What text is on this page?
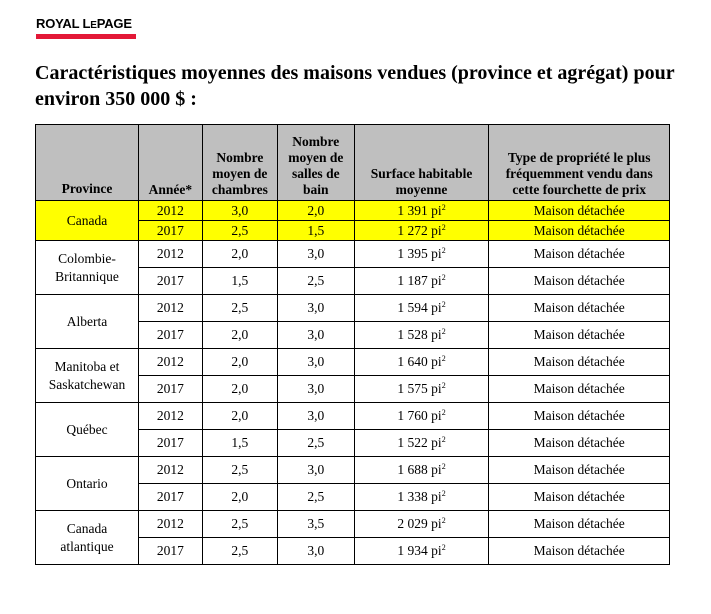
ROYAL LEPAGE
Caractéristiques moyennes des maisons vendues (province et agrégat) pour environ 350 000 $ :
Province	Année*	Nombre moyen de chambres	Nombre moyen de salles de bain	Surface habitable moyenne	Type de propriété le plus fréquemment vendu dans cette fourchette de prix
Canada	2012	3,0	2,0	1 391 $pi^2$	Maison détachée
	2017	2,5	1,5	1 272 $pi^2$	Maison détachée
Colombie-Britannique	2012	2,0	3,0	1 395 $pi^2$	Maison détachée
	2017	1,5	2,5	1 187 $pi^2$	Maison détachée
Alberta	2012	2,5	3,0	1 594 $pi^2$	Maison détachée
	2017	2,0	3,0	1 528 $pi^2$	Maison détachée
Manitoba et Saskatchewan	2012	2,0	3,0	1 640 $pi^2$	Maison détachée
	2017	2,0	3,0	1 575 $pi^2$	Maison détachée
Québec	2012	2,0	3,0	1 760 $pi^2$	Maison détachée
	2017	1,5	2,5	1 522 $pi^2$	Maison détachée
Ontario	2012	2,5	3,0	1 688 $pi^2$	Maison détachée
	2017	2,0	2,5	1 338 $pi^2$	Maison détachée
Canada atlantique	2012	2,5	3,5	2 029 $pi^2$	Maison détachée
	2017	2,5	3,0	1 934 $pi^2$	Maison détachée
